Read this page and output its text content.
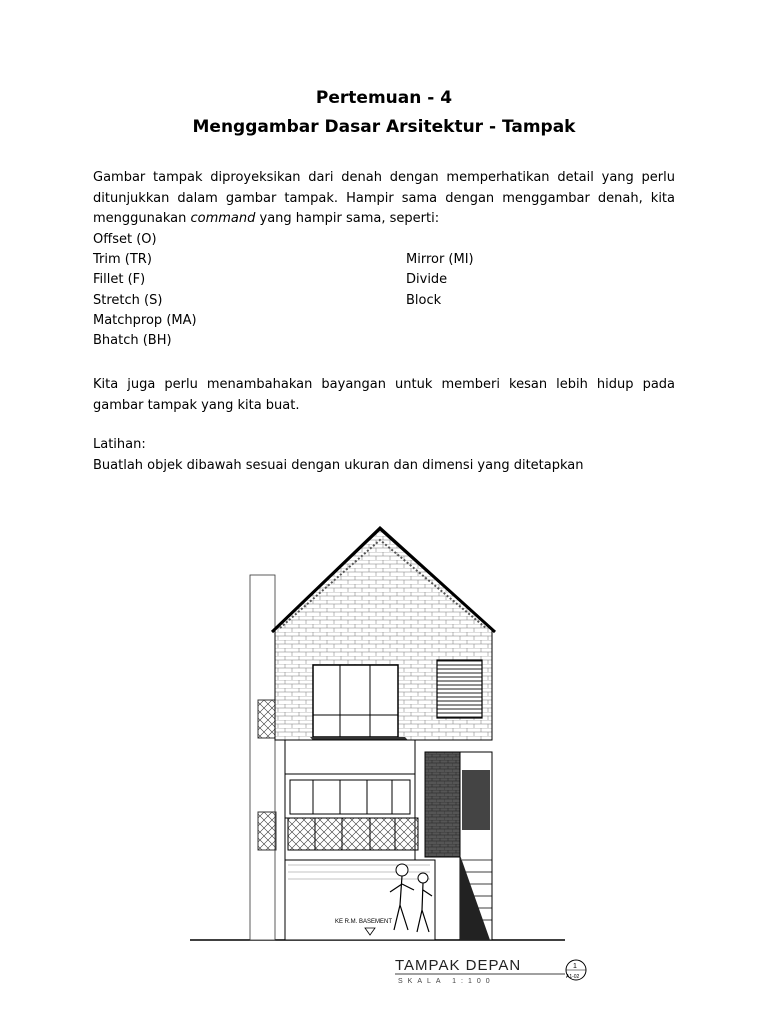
Pertemuan - 4
Menggambar Dasar Arsitektur - Tampak
Gambar tampak diproyeksikan dari denah dengan memperhatikan detail yang perlu ditunjukkan dalam gambar tampak. Hampir sama dengan menggambar denah, kita menggunakan command yang hampir sama, seperti:
Offset (O)
Trim (TR)
Fillet (F)
Stretch (S)
Matchprop (MA)
Bhatch (BH)
Mirror (MI)
Divide
Block
Kita juga perlu menambahakan bayangan untuk memberi kesan lebih hidup pada gambar tampak yang kita buat.
Latihan:
Buatlah objek dibawah sesuai dengan ukuran dan dimensi yang ditetapkan
KE R.M. BASEMENT
1
A1-02
TAMPAK DEPAN
SKALA 1:100
